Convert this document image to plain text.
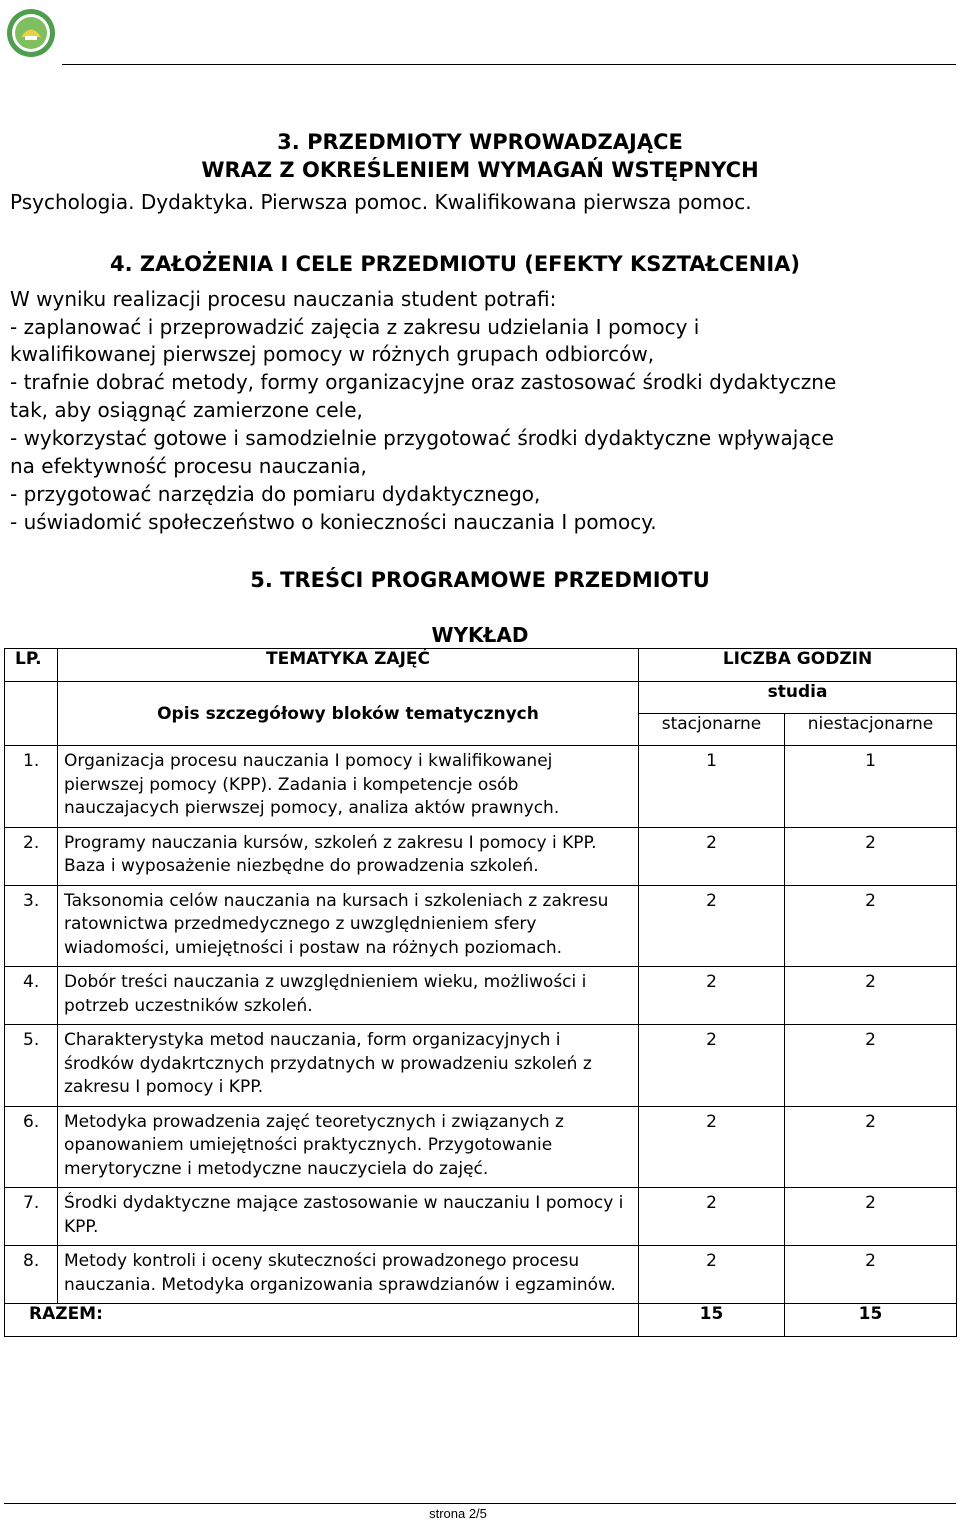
3. PRZEDMIOTY WPROWADZAJĄCE
WRAZ Z OKREŚLENIEM WYMAGAŃ WSTĘPNYCH
Psychologia. Dydaktyka. Pierwsza pomoc. Kwalifikowana pierwsza pomoc.
4. ZAŁOŻENIA I CELE PRZEDMIOTU (EFEKTY KSZTAŁCENIA)
W wyniku realizacji procesu nauczania student potrafi:
- zaplanować i przeprowadzić zajęcia z zakresu udzielania I pomocy i
kwalifikowanej pierwszej pomocy w różnych grupach odbiorców,
- trafnie dobrać metody, formy organizacyjne oraz zastosować środki dydaktyczne
tak, aby osiągnąć zamierzone cele,
- wykorzystać gotowe i samodzielnie przygotować środki dydaktyczne wpływające
na efektywność procesu nauczania,
- przygotować narzędzia do pomiaru dydaktycznego,
- uświadomić społeczeństwo o konieczności nauczania I pomocy.
5. TREŚCI PROGRAMOWE PRZEDMIOTU
WYKŁAD
LP.	TEMATYKA ZAJĘĆ	LICZBA GODZIN	
	Opis szczegółowy bloków tematycznych	studia	
		stacjonarne	niestacjonarne
1.	Organizacja procesu nauczania I pomocy i kwalifikowanej pierwszej pomocy (KPP). Zadania i kompetencje osób nauczajacych pierwszej pomocy, analiza aktów prawnych.	1	1
2.	Programy nauczania kursów, szkoleń z zakresu I pomocy i KPP. Baza i wyposażenie niezbędne do prowadzenia szkoleń.	2	2
3.	Taksonomia celów nauczania na kursach i szkoleniach z zakresu ratownictwa przedmedycznego z uwzględnieniem sfery wiadomości, umiejętności i postaw na różnych poziomach.	2	2
4.	Dobór treści nauczania z uwzględnieniem wieku, możliwości i potrzeb uczestników szkoleń.	2	2
5.	Charakterystyka metod nauczania, form organizacyjnych i środków dydakrtcznych przydatnych w prowadzeniu szkoleń z zakresu I pomocy i KPP.	2	2
6.	Metodyka prowadzenia zajęć teoretycznych i związanych z opanowaniem umiejętności praktycznych. Przygotowanie merytoryczne i metodyczne nauczyciela do zajęć.	2	2
7.	Środki dydaktyczne mające zastosowanie w nauczaniu I pomocy i KPP.	2	2
8.	Metody kontroli i oceny skuteczności prowadzonego procesu nauczania. Metodyka organizowania sprawdzianów i egzaminów.	2	2
RAZEM:		15	15
strona 2/5
